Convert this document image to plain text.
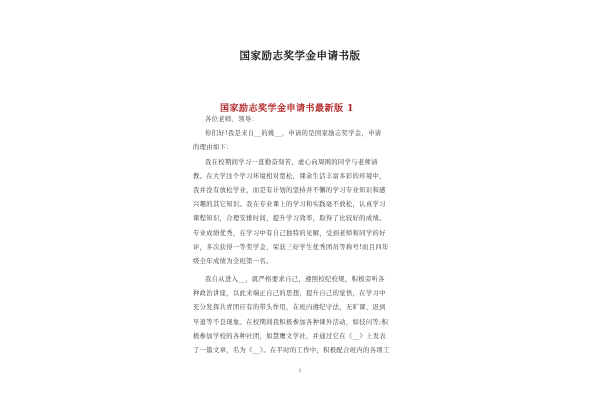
国家励志奖学金申请书版
国家励志奖学金申请书最新版 1
各位老师、领导：
你们好!我是来自__的姚__，申请的是国家励志奖学金，申请
的理由如下：
我在校期间学习一直勤奋刻苦，虚心向周围的同学与老师请
教。在大学这个学习环境相对宽松，课余生活丰富多彩的环境中，
我并没有放松学业，而是有计划的坚持并不懈的学习专业知识和感
兴趣的其它知识。我在专业课上的学习和实践毫不放松，认真学习
课程知识，合理安排时间，提升学习效率，取得了比较好的成绩。
专业成绩优秀，在学习中有自己独特的见解，受到老师和同学的好
评，多次获得一等奖学金，荣获三好学生优秀团员等称号!而且四年
级全年成绩为全班第一名。
我自从进入__，就严格要求自己，遵照校纪校规，积极旁听各
种政治讲座，以此来端正自己的思想，提升自己的觉悟，在学习中
充分发挥共青团应有的带头作用，在班内遵纪守法，无旷课、迟到
早退等不良现象。在校期间我积极参加各种课外活动，如技问等;积
极参加学校的各种社团，如慧鹰文学社，并通过它在《__》上发表
了一篇文章，名为《__》。在平时的工作中，积极配合班内的各项工
1
